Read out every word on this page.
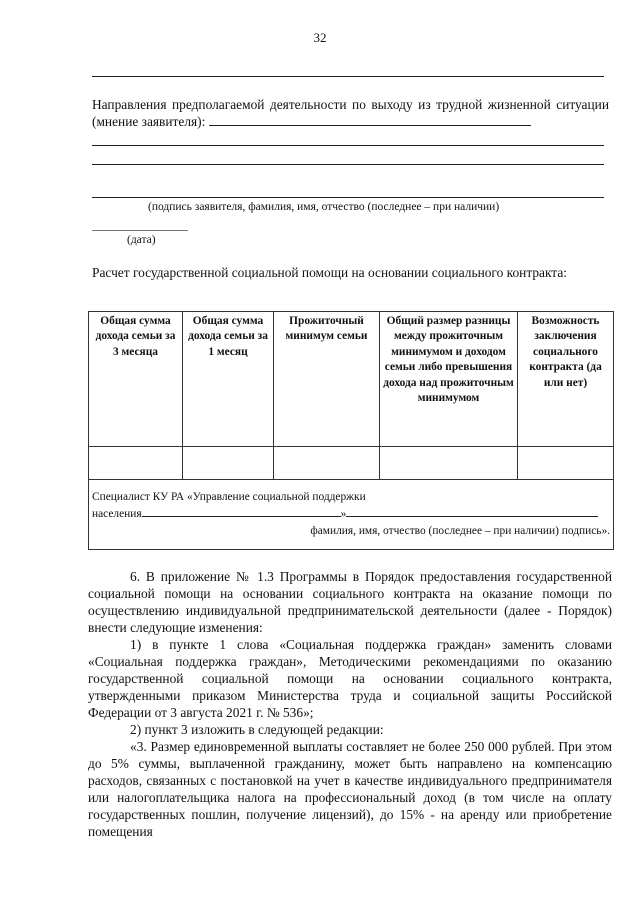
32
Направления предполагаемой деятельности по выходу из трудной жизненной ситуации (мнение заявителя):
(подпись заявителя, фамилия, имя, отчество (последнее – при наличии)
(дата)
Расчет государственной социальной помощи на основании социального контракта:
Общая сумма дохода семьи за 3 месяца	Общая сумма дохода семьи за 1 месяц	Прожиточный минимум семьи	Общий размер разницы между прожиточным минимумом и доходом семьи либо превышения дохода над прожиточным минимумом	Возможность заключения социального контракта (да или нет)

Специалист КУ РА «Управление социальной поддержки
населения »
фамилия, имя, отчество (последнее – при наличии) подпись».				
6. В приложение № 1.3 Программы в Порядок предоставления государственной социальной помощи на основании социального контракта на оказание помощи по осуществлению индивидуальной предпринимательской деятельности (далее - Порядок) внести следующие изменения:
1) в пункте 1 слова «Социальная поддержка граждан» заменить словами «Социальная поддержка граждан», Методическими рекомендациями по оказанию государственной социальной помощи на основании социального контракта, утвержденными приказом Министерства труда и социальной защиты Российской Федерации от 3 августа 2021 г. № 536»;
2) пункт 3 изложить в следующей редакции:
«3. Размер единовременной выплаты составляет не более 250 000 рублей. При этом до 5% суммы, выплаченной гражданину, может быть направлено на компенсацию расходов, связанных с постановкой на учет в качестве индивидуального предпринимателя или налогоплательщика налога на профессиональный доход (в том числе на оплату государственных пошлин, получение лицензий), до 15% - на аренду или приобретение помещения
